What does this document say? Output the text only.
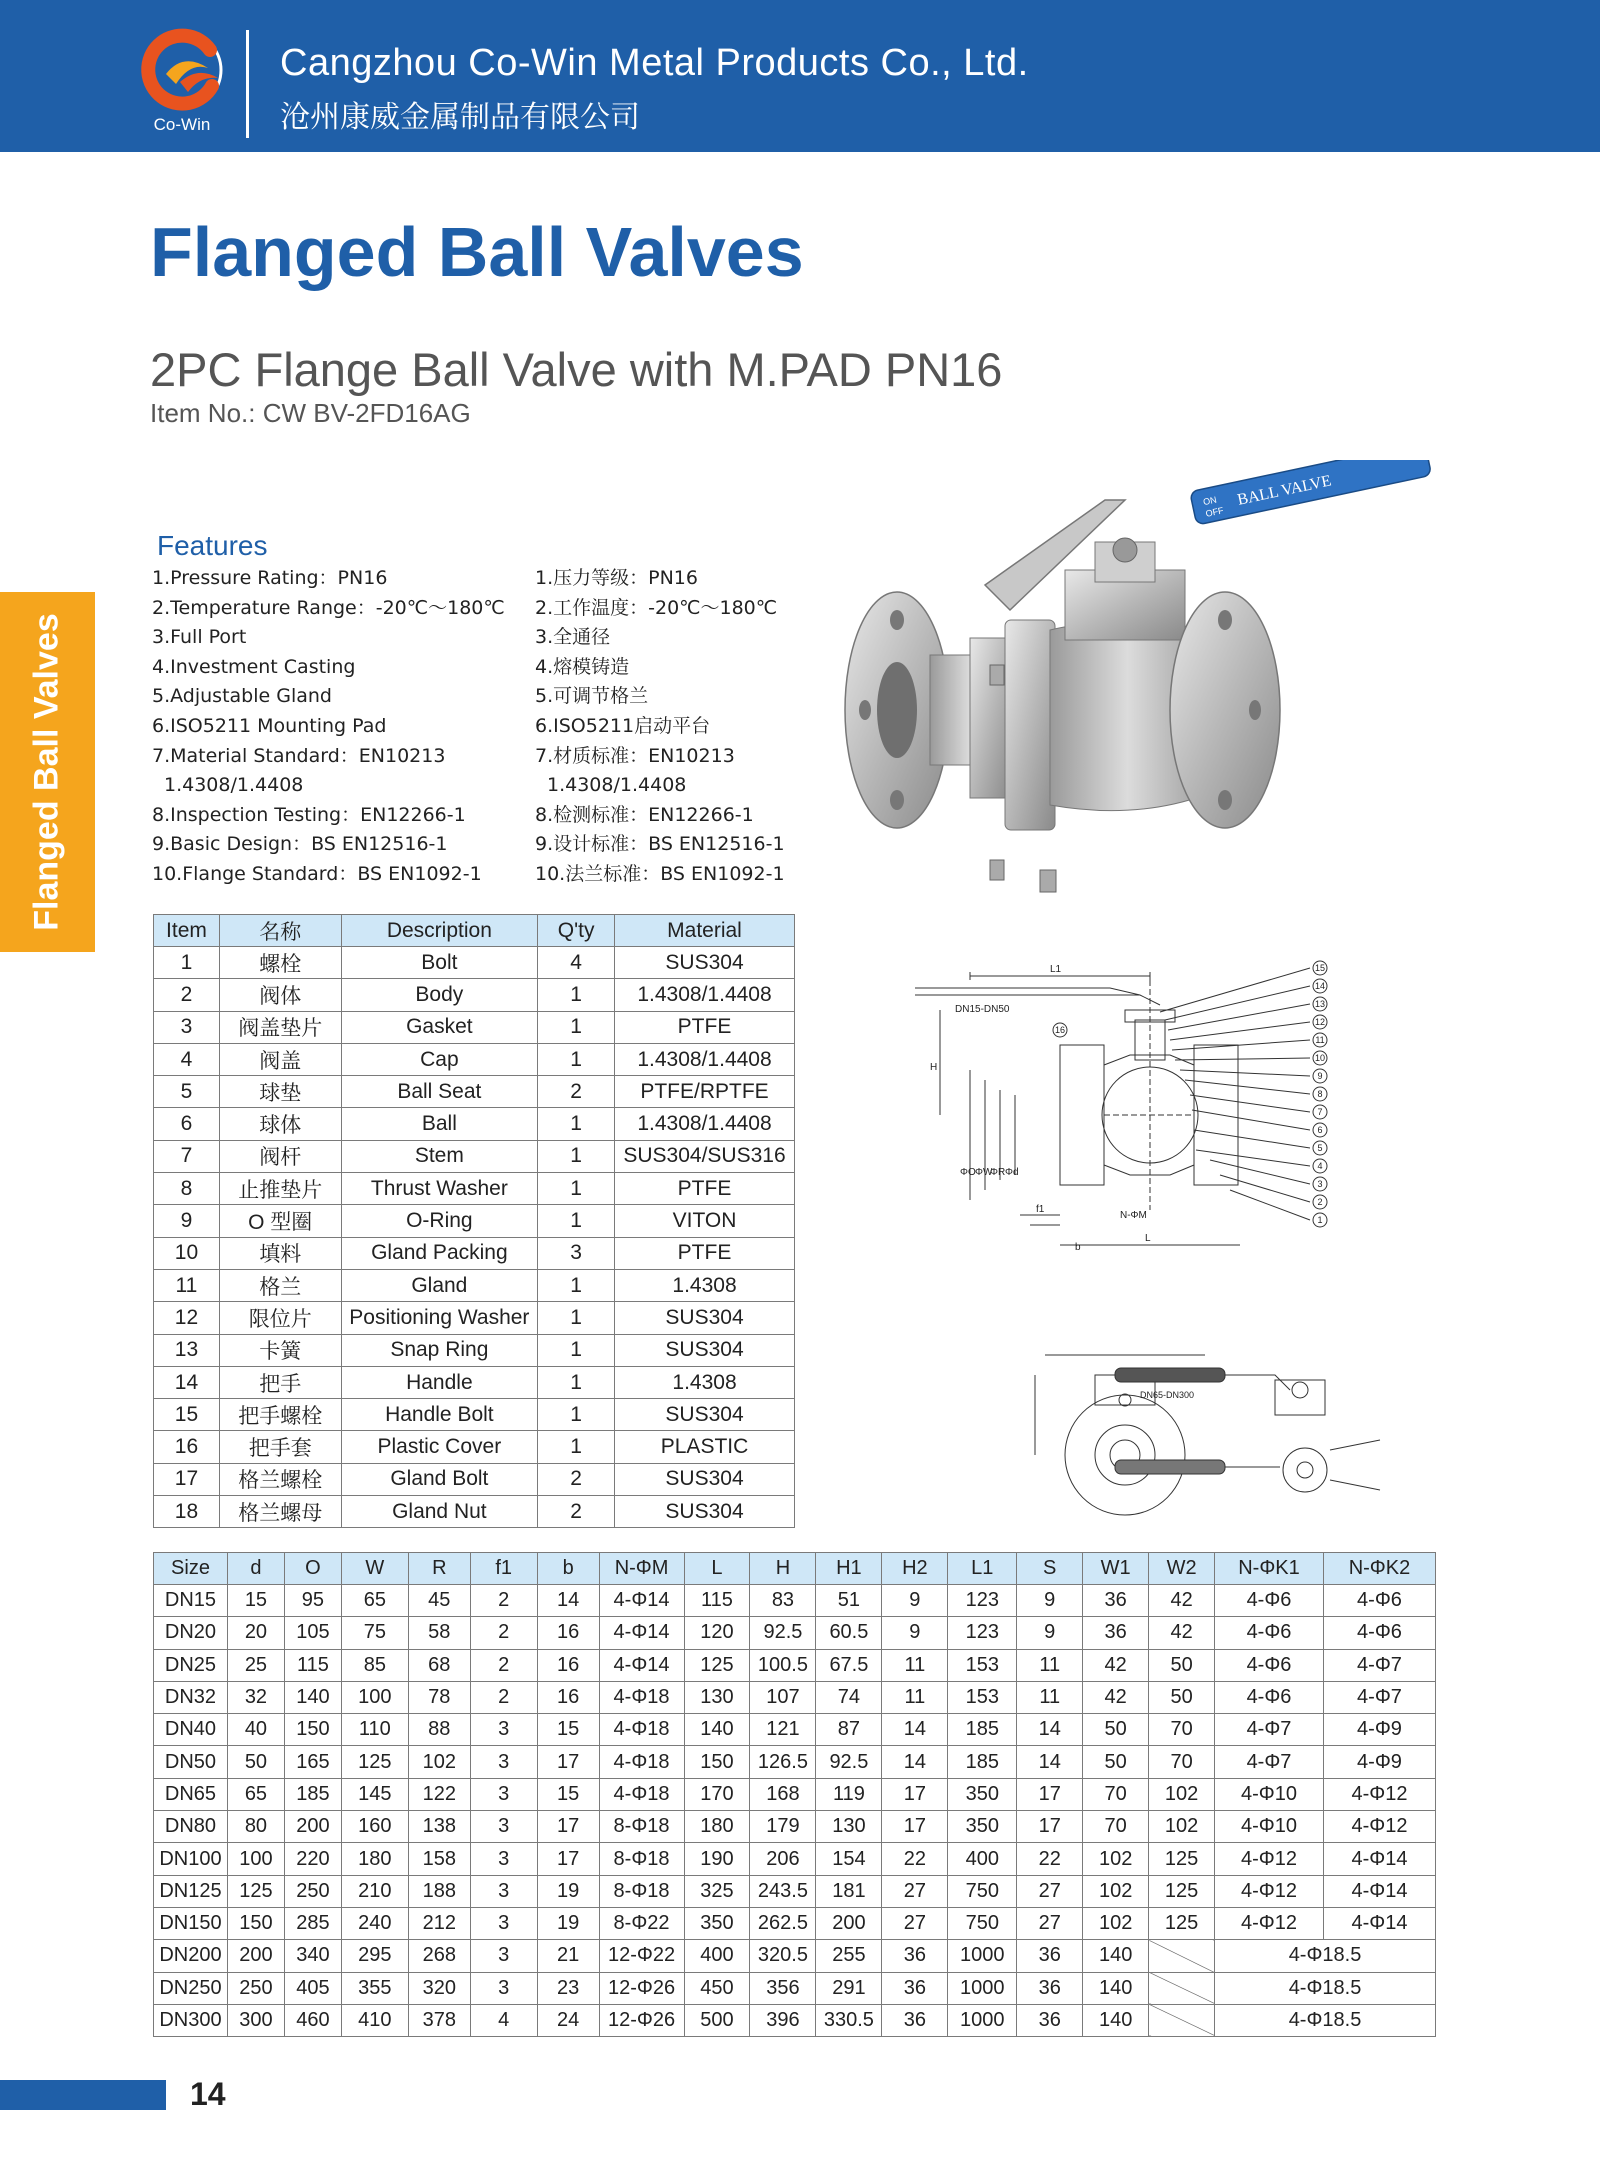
Co-Win
Cangzhou Co-Win Metal Products Co., Ltd.
沧州康威金属制品有限公司
Flanged Ball Valves
Flanged Ball Valves
2PC Flange Ball Valve with M.PAD PN16
Item No.: CW BV-2FD16AG
Features
1.Pressure Rating：PN16
2.Temperature Range：-20℃～180℃
3.Full Port
4.Investment Casting
5.Adjustable Gland
6.ISO5211 Mounting Pad
7.Material Standard：EN10213
1.4308/1.4408
8.Inspection Testing：EN12266-1
9.Basic Design：BS EN12516-1
10.Flange Standard：BS EN1092-1
1.压力等级：PN16
2.工作温度：-20℃～180℃
3.全通径
4.熔模铸造
5.可调节格兰
6.ISO5211启动平台
7.材质标准：EN10213
1.4308/1.4408
8.检测标准：EN12266-1
9.设计标准：BS EN12516-1
10.法兰标准：BS EN1092-1
BALL VALVE
ON
OFF
DN15-DN50
L1
H
L
f1
b
N-ΦM
ΦO ΦW
ΦR Φd
15
14
13
12
11
10
9
8
7
6
5
4
3
2
1
16
DN65-DN300
Item	名称	Description	Q'ty	Material
1	螺栓	Bolt	4	SUS304
2	阀体	Body	1	1.4308/1.4408
3	阀盖垫片	Gasket	1	PTFE
4	阀盖	Cap	1	1.4308/1.4408
5	球垫	Ball Seat	2	PTFE/RPTFE
6	球体	Ball	1	1.4308/1.4408
7	阀杆	Stem	1	SUS304/SUS316
8	止推垫片	Thrust Washer	1	PTFE
9	O 型圈	O-Ring	1	VITON
10	填料	Gland Packing	3	PTFE
11	格兰	Gland	1	1.4308
12	限位片	Positioning Washer	1	SUS304
13	卡簧	Snap Ring	1	SUS304
14	把手	Handle	1	1.4308
15	把手螺栓	Handle Bolt	1	SUS304
16	把手套	Plastic Cover	1	PLASTIC
17	格兰螺栓	Gland Bolt	2	SUS304
18	格兰螺母	Gland Nut	2	SUS304
Size	d	O	W	R	f1	b	N-ΦM	L	H	H1	H2	L1	S	W1	W2	N-ΦK1	N-ΦK2
DN15	15	95	65	45	2	14	4-Φ14	115	83	51	9	123	9	36	42	4-Φ6	4-Φ6
DN20	20	105	75	58	2	16	4-Φ14	120	92.5	60.5	9	123	9	36	42	4-Φ6	4-Φ6
DN25	25	115	85	68	2	16	4-Φ14	125	100.5	67.5	11	153	11	42	50	4-Φ6	4-Φ7
DN32	32	140	100	78	2	16	4-Φ18	130	107	74	11	153	11	42	50	4-Φ6	4-Φ7
DN40	40	150	110	88	3	15	4-Φ18	140	121	87	14	185	14	50	70	4-Φ7	4-Φ9
DN50	50	165	125	102	3	17	4-Φ18	150	126.5	92.5	14	185	14	50	70	4-Φ7	4-Φ9
DN65	65	185	145	122	3	15	4-Φ18	170	168	119	17	350	17	70	102	4-Φ10	4-Φ12
DN80	80	200	160	138	3	17	8-Φ18	180	179	130	17	350	17	70	102	4-Φ10	4-Φ12
DN100	100	220	180	158	3	17	8-Φ18	190	206	154	22	400	22	102	125	4-Φ12	4-Φ14
DN125	125	250	210	188	3	19	8-Φ18	325	243.5	181	27	750	27	102	125	4-Φ12	4-Φ14
DN150	150	285	240	212	3	19	8-Φ22	350	262.5	200	27	750	27	102	125	4-Φ12	4-Φ14
DN200	200	340	295	268	3	21	12-Φ22	400	320.5	255	36	1000	36	140		4-Φ18.5	
DN250	250	405	355	320	3	23	12-Φ26	450	356	291	36	1000	36	140		4-Φ18.5	
DN300	300	460	410	378	4	24	12-Φ26	500	396	330.5	36	1000	36	140		4-Φ18.5	
14
